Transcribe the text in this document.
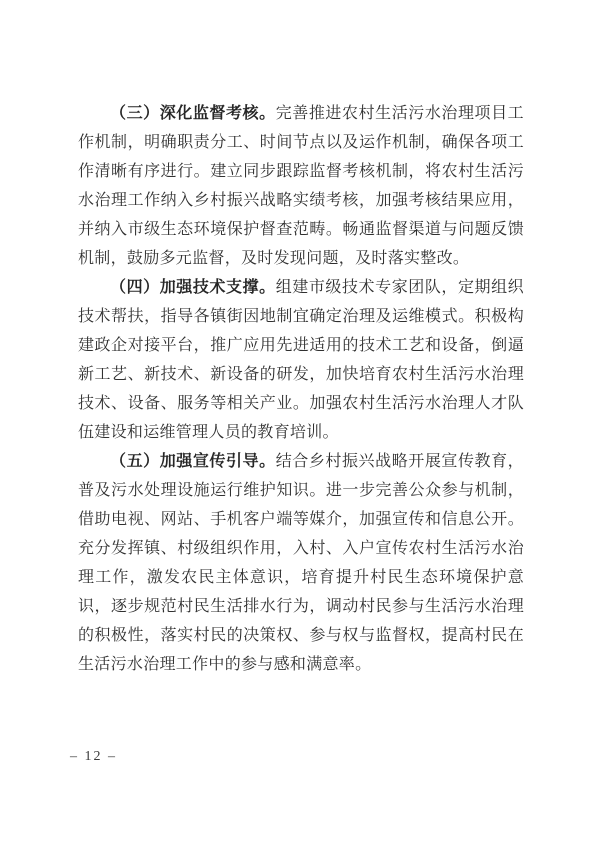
（三）深化监督考核。完善推进农村生活污水治理项目工作机制，明确职责分工、时间节点以及运作机制，确保各项工作清晰有序进行。建立同步跟踪监督考核机制，将农村生活污水治理工作纳入乡村振兴战略实绩考核，加强考核结果应用，并纳入市级生态环境保护督查范畴。畅通监督渠道与问题反馈机制，鼓励多元监督，及时发现问题，及时落实整改。

（四）加强技术支撑。组建市级技术专家团队，定期组织技术帮扶，指导各镇街因地制宜确定治理及运维模式。积极构建政企对接平台，推广应用先进适用的技术工艺和设备，倒逼新工艺、新技术、新设备的研发，加快培育农村生活污水治理技术、设备、服务等相关产业。加强农村生活污水治理人才队伍建设和运维管理人员的教育培训。

（五）加强宣传引导。结合乡村振兴战略开展宣传教育，普及污水处理设施运行维护知识。进一步完善公众参与机制，借助电视、网站、手机客户端等媒介，加强宣传和信息公开。充分发挥镇、村级组织作用，入村、入户宣传农村生活污水治理工作，激发农民主体意识，培育提升村民生态环境保护意识，逐步规范村民生活排水行为，调动村民参与生活污水治理的积极性，落实村民的决策权、参与权与监督权，提高村民在生活污水治理工作中的参与感和满意率。

– 12 –
